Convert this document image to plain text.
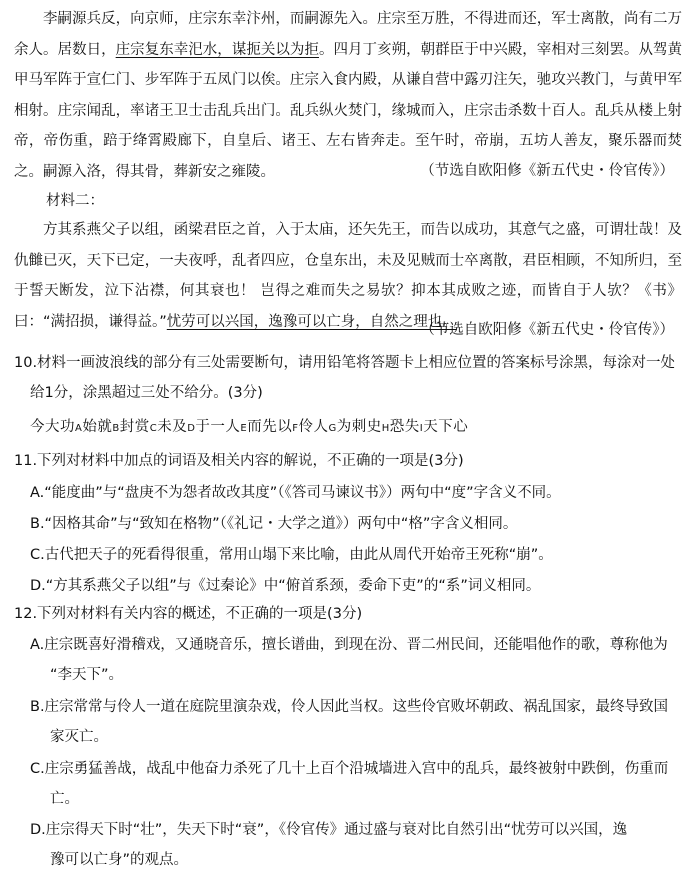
李嗣源兵反，向京师，庄宗东幸汴州，而嗣源先入。庄宗至万胜，不得进而还，军士离散，尚有二万余人。居数日，庄宗复东幸汜水，谋扼关以为拒。四月丁亥朔，朝群臣于中兴殿，宰相对三刻罢。从驾黄甲马军阵于宣仁门、步军阵于五凤门以俟。庄宗入食内殿，从谦自营中露刃注矢，驰攻兴教门，与黄甲军相射。庄宗闻乱，率诸王卫士击乱兵出门。乱兵纵火焚门，缘城而入，庄宗击杀数十百人。乱兵从楼上射帝，帝伤重，踣于绛霄殿廊下，自皇后、诸王、左右皆奔走。至午时，帝崩，五坊人善友，聚乐器而焚之。嗣源入洛，得其骨，葬新安之雍陵。	（节选自欧阳修《新五代史・伶官传》）

材料二：

方其系燕父子以组，函梁君臣之首，入于太庙，还矢先王，而告以成功，其意气之盛，可谓壮哉！及仇雠已灭，天下已定，一夫夜呼，乱者四应，仓皇东出，未及见贼而士卒离散，君臣相顾，不知所归，至于誓天断发，泣下沾襟，何其衰也！ 岂得之难而失之易欤？抑本其成败之迹，而皆自于人欤？《书》曰：“满招损，谦得益。”忧劳可以兴国，逸豫可以亡身，自然之理也。

（节选自欧阳修《新五代史・伶官传》）

10.材料一画波浪线的部分有三处需要断句，请用铅笔将答题卡上相应位置的答案标号涂黑，每涂对一处

给1分，涂黑超过三处不给分。(3分)

今大功A始就B封赏C未及D于一人E而先以F伶人G为刺史H恐失I天下心

11.下列对材料中加点的词语及相关内容的解说，不正确的一项是(3分)

A.“能度曲”与“盘庚不为怨者故改其度”（《答司马谏议书》）两句中“度”字含义不同。

B.“因格其命”与“致知在格物”（《礼记・大学之道》）两句中“格”字含义相同。

C.古代把天子的死看得很重，常用山塌下来比喻，由此从周代开始帝王死称“崩”。

D.“方其系燕父子以组”与《过秦论》中“俯首系颈，委命下吏”的“系”词义相同。

12.下列对材料有关内容的概述，不正确的一项是(3分)

A.庄宗既喜好滑稽戏，又通晓音乐，擅长谱曲，到现在汾、晋二州民间，还能唱他作的歌，尊称他为
“李天下”。
B.庄宗常常与伶人一道在庭院里演杂戏，伶人因此当权。这些伶官败坏朝政、祸乱国家，最终导致国
家灭亡。
C.庄宗勇猛善战，战乱中他奋力杀死了几十上百个沿城墙进入宫中的乱兵，最终被射中跌倒，伤重而
亡。
D.庄宗得天下时“壮”，失天下时“衰”，《伶官传》通过盛与衰对比自然引出“忧劳可以兴国，逸
豫可以亡身”的观点。
